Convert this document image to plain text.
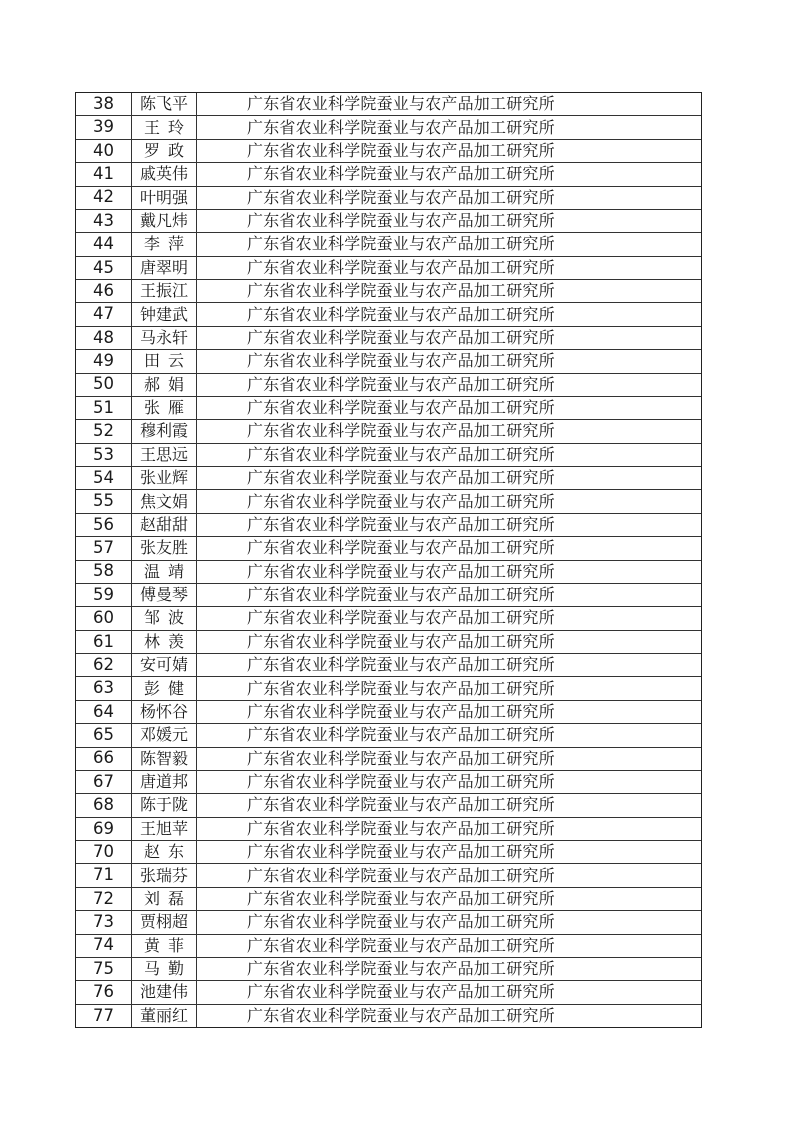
38	陈飞平	广东省农业科学院蚕业与农产品加工研究所
39	王 玲	广东省农业科学院蚕业与农产品加工研究所
40	罗 政	广东省农业科学院蚕业与农产品加工研究所
41	戚英伟	广东省农业科学院蚕业与农产品加工研究所
42	叶明强	广东省农业科学院蚕业与农产品加工研究所
43	戴凡炜	广东省农业科学院蚕业与农产品加工研究所
44	李 萍	广东省农业科学院蚕业与农产品加工研究所
45	唐翠明	广东省农业科学院蚕业与农产品加工研究所
46	王振江	广东省农业科学院蚕业与农产品加工研究所
47	钟建武	广东省农业科学院蚕业与农产品加工研究所
48	马永轩	广东省农业科学院蚕业与农产品加工研究所
49	田 云	广东省农业科学院蚕业与农产品加工研究所
50	郝 娟	广东省农业科学院蚕业与农产品加工研究所
51	张 雁	广东省农业科学院蚕业与农产品加工研究所
52	穆利霞	广东省农业科学院蚕业与农产品加工研究所
53	王思远	广东省农业科学院蚕业与农产品加工研究所
54	张业辉	广东省农业科学院蚕业与农产品加工研究所
55	焦文娟	广东省农业科学院蚕业与农产品加工研究所
56	赵甜甜	广东省农业科学院蚕业与农产品加工研究所
57	张友胜	广东省农业科学院蚕业与农产品加工研究所
58	温 靖	广东省农业科学院蚕业与农产品加工研究所
59	傅曼琴	广东省农业科学院蚕业与农产品加工研究所
60	邹 波	广东省农业科学院蚕业与农产品加工研究所
61	林 羡	广东省农业科学院蚕业与农产品加工研究所
62	安可婧	广东省农业科学院蚕业与农产品加工研究所
63	彭 健	广东省农业科学院蚕业与农产品加工研究所
64	杨怀谷	广东省农业科学院蚕业与农产品加工研究所
65	邓媛元	广东省农业科学院蚕业与农产品加工研究所
66	陈智毅	广东省农业科学院蚕业与农产品加工研究所
67	唐道邦	广东省农业科学院蚕业与农产品加工研究所
68	陈于陇	广东省农业科学院蚕业与农产品加工研究所
69	王旭苹	广东省农业科学院蚕业与农产品加工研究所
70	赵 东	广东省农业科学院蚕业与农产品加工研究所
71	张瑞芬	广东省农业科学院蚕业与农产品加工研究所
72	刘 磊	广东省农业科学院蚕业与农产品加工研究所
73	贾栩超	广东省农业科学院蚕业与农产品加工研究所
74	黄 菲	广东省农业科学院蚕业与农产品加工研究所
75	马 勤	广东省农业科学院蚕业与农产品加工研究所
76	池建伟	广东省农业科学院蚕业与农产品加工研究所
77	董丽红	广东省农业科学院蚕业与农产品加工研究所
